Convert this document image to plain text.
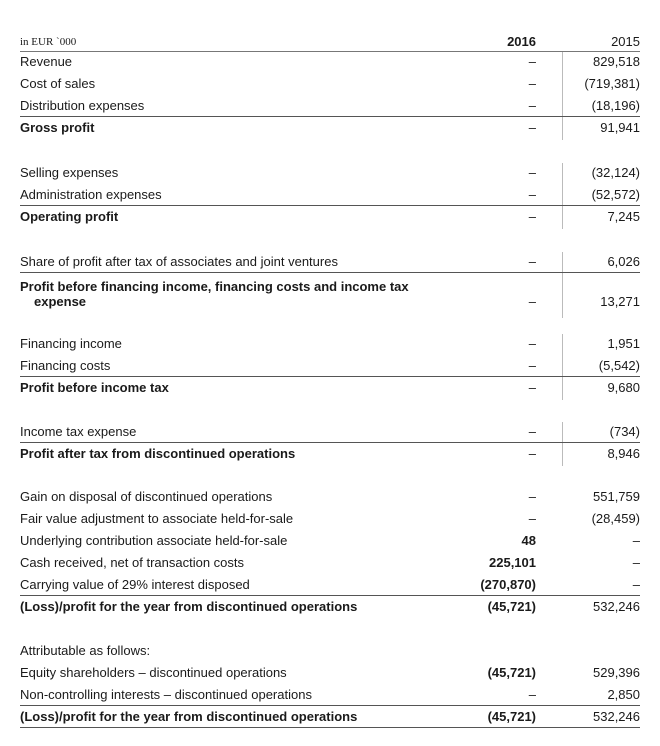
in EUR `000	2016	2015
Revenue	–	829,518
Cost of sales	–	(719,381)
Distribution expenses	–	(18,196)
Gross profit	–	91,941
Selling expenses	–	(32,124)
Administration expenses	–	(52,572)
Operating profit	–	7,245
Share of profit after tax of associates and joint ventures	–	6,026
Profit before financing income, financing costs and income tax
expense	–	13,271
Financing income	–	1,951
Financing costs	–	(5,542)
Profit before income tax	–	9,680
Income tax expense	–	(734)
Profit after tax from discontinued operations	–	8,946
Gain on disposal of discontinued operations	–	551,759
Fair value adjustment to associate held-for-sale	–	(28,459)
Underlying contribution associate held-for-sale	48	–
Cash received, net of transaction costs	225,101	–
Carrying value of 29% interest disposed	(270,870)	–
(Loss)/profit for the year from discontinued operations	(45,721)	532,246
Attributable as follows:
Equity shareholders – discontinued operations	(45,721)	529,396
Non-controlling interests – discontinued operations	–	2,850
(Loss)/profit for the year from discontinued operations	(45,721)	532,246
